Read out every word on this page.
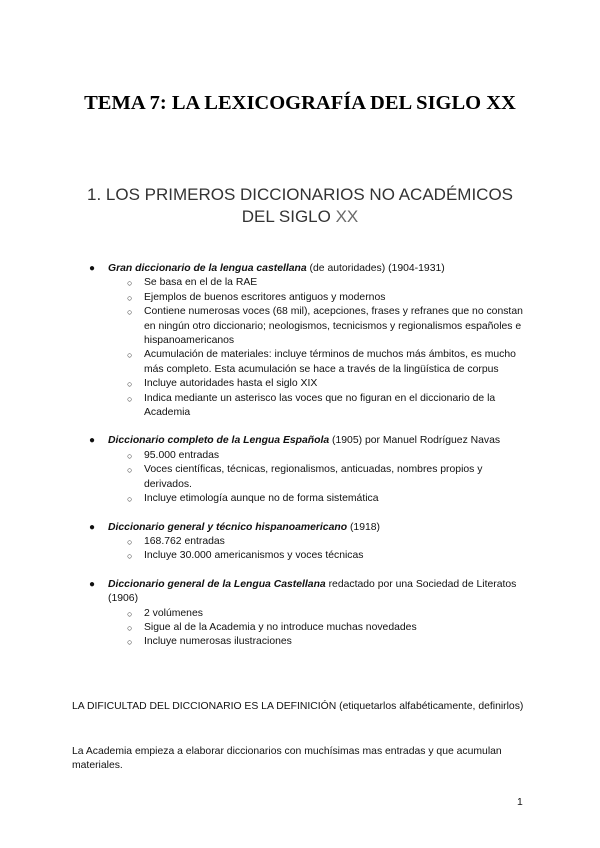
TEMA 7: LA LEXICOGRAFÍA DEL SIGLO XX
1. LOS PRIMEROS DICCIONARIOS NO ACADÉMICOS DEL SIGLO XX
● Gran diccionario de la lengua castellana (de autoridades) (1904-1931)
○ Se basa en el de la RAE
○ Ejemplos de buenos escritores antiguos y modernos
○ Contiene numerosas voces (68 mil), acepciones, frases y refranes que no constan en ningún otro diccionario; neologismos, tecnicismos y regionalismos españoles e hispanoamericanos
○ Acumulación de materiales: incluye términos de muchos más ámbitos, es mucho más completo. Esta acumulación se hace a través de la lingüística de corpus
○ Incluye autoridades hasta el siglo XIX
○ Indica mediante un asterisco las voces que no figuran en el diccionario de la Academia
● Diccionario completo de la Lengua Española (1905) por Manuel Rodríguez Navas
○ 95.000 entradas
○ Voces científicas, técnicas, regionalismos, anticuadas, nombres propios y derivados.
○ Incluye etimología aunque no de forma sistemática
● Diccionario general y técnico hispanoamericano (1918)
○ 168.762 entradas
○ Incluye 30.000 americanismos y voces técnicas
● Diccionario general de la Lengua Castellana redactado por una Sociedad de Literatos (1906)
○ 2 volúmenes
○ Sigue al de la Academia y no introduce muchas novedades
○ Incluye numerosas ilustraciones
LA DIFICULTAD DEL DICCIONARIO ES LA DEFINICIÓN (etiquetarlos alfabéticamente, definirlos)
La Academia empieza a elaborar diccionarios con muchísimas mas entradas y que acumulan materiales.
1
